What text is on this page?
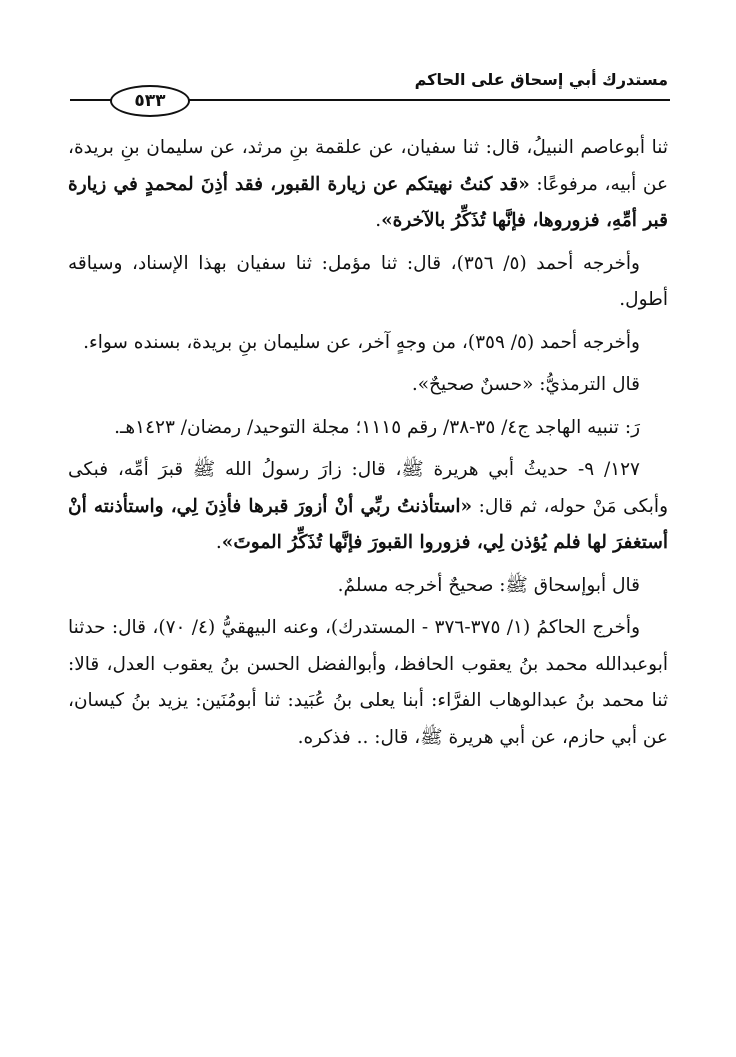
مستدرك أبي إسحاق على الحاكم
٥٣٣

ثنا أبوعاصم النبيلُ، قال: ثنا سفيان، عن علقمة بنِ مرثد، عن سليمان بنِ بريدة، عن أبيه، مرفوعًا: «قد كنتُ نهيتكم عن زيارة القبور، فقد أذِنَ لمحمدٍ في زيارة قبر أمِّهِ، فزوروها، فإنَّها تُذَكِّرُ بالآخرة».

وأخرجه أحمد (٥/ ٣٥٦)، قال: ثنا مؤمل: ثنا سفيان بهذا الإسناد، وسياقه أطول.

وأخرجه أحمد (٥/ ٣٥٩)، من وجهٍ آخر، عن سليمان بنِ بريدة، بسنده سواء.

قال الترمذيُّ: «حسنٌ صحيحٌ».

رَ: تنبيه الهاجد ج٤/ ٣٥-٣٨/ رقم ١١١٥؛ مجلة التوحيد/ رمضان/ ١٤٢٣هـ.

١٢٧/ ٩- حديثُ أبي هريرة ﷺ، قال: زارَ رسولُ الله ﷺ قبرَ أمِّه، فبكى وأبكى مَنْ حوله، ثم قال: «استأذنتُ ربِّي أنْ أزورَ قبرها فأذِنَ لِي، واستأذنته أنْ أستغفرَ لها فلم يُؤذن لِي، فزوروا القبورَ فإنَّها تُذَكِّرُ الموتَ».

قال أبوإسحاق ﷺ: صحيحٌ أخرجه مسلمٌ.

وأخرج الحاكمُ (١/ ٣٧٥-٣٧٦ - المستدرك)، وعنه البيهقيُّ (٤/ ٧٠)، قال: حدثنا أبوعبدالله محمد بنُ يعقوب الحافظ، وأبوالفضل الحسن بنُ يعقوب العدل، قالا: ثنا محمد بنُ عبدالوهاب الفرَّاء: أبنا يعلى بنُ عُبَيد: ثنا أبومُنَين: يزيد بنُ كيسان، عن أبي حازم، عن أبي هريرة ﷺ، قال: .. فذكره.
